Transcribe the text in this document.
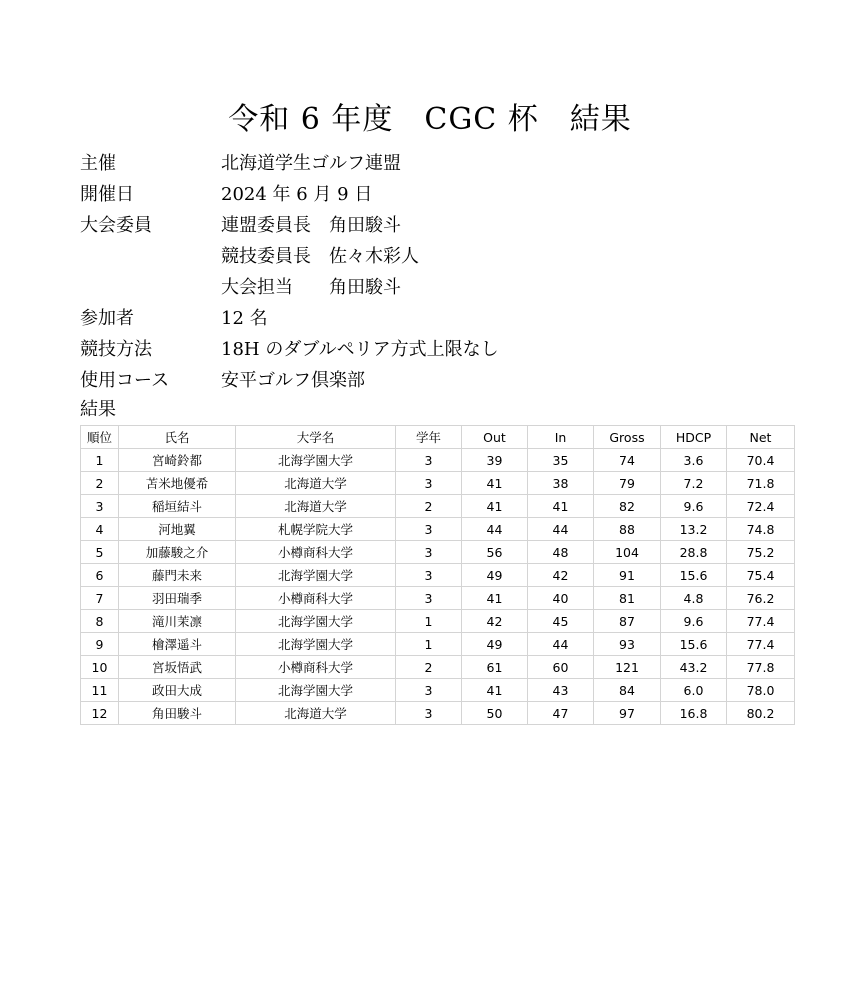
令和 6 年度　CGC 杯　結果
主催	北海道学生ゴルフ連盟
開催日	2024 年 6 月 9 日
大会委員	連盟委員長　角田駿斗
競技委員長　佐々木彩人
大会担当　　角田駿斗
参加者	12 名
競技方法	18H のダブルペリア方式上限なし
使用コース	安平ゴルフ倶楽部
結果
順位	氏名	大学名	学年	Out	In	Gross	HDCP	Net
1	宮崎鈴都	北海学園大学	3	39	35	74	3.6	70.4
2	苫米地優希	北海道大学	3	41	38	79	7.2	71.8
3	稲垣結斗	北海道大学	2	41	41	82	9.6	72.4
4	河地翼	札幌学院大学	3	44	44	88	13.2	74.8
5	加藤駿之介	小樽商科大学	3	56	48	104	28.8	75.2
6	藤門未来	北海学園大学	3	49	42	91	15.6	75.4
7	羽田瑞季	小樽商科大学	3	41	40	81	4.8	76.2
8	滝川茉凛	北海学園大学	1	42	45	87	9.6	77.4
9	檜澤遥斗	北海学園大学	1	49	44	93	15.6	77.4
10	宮坂悟武	小樽商科大学	2	61	60	121	43.2	77.8
11	政田大成	北海学園大学	3	41	43	84	6.0	78.0
12	角田駿斗	北海道大学	3	50	47	97	16.8	80.2
